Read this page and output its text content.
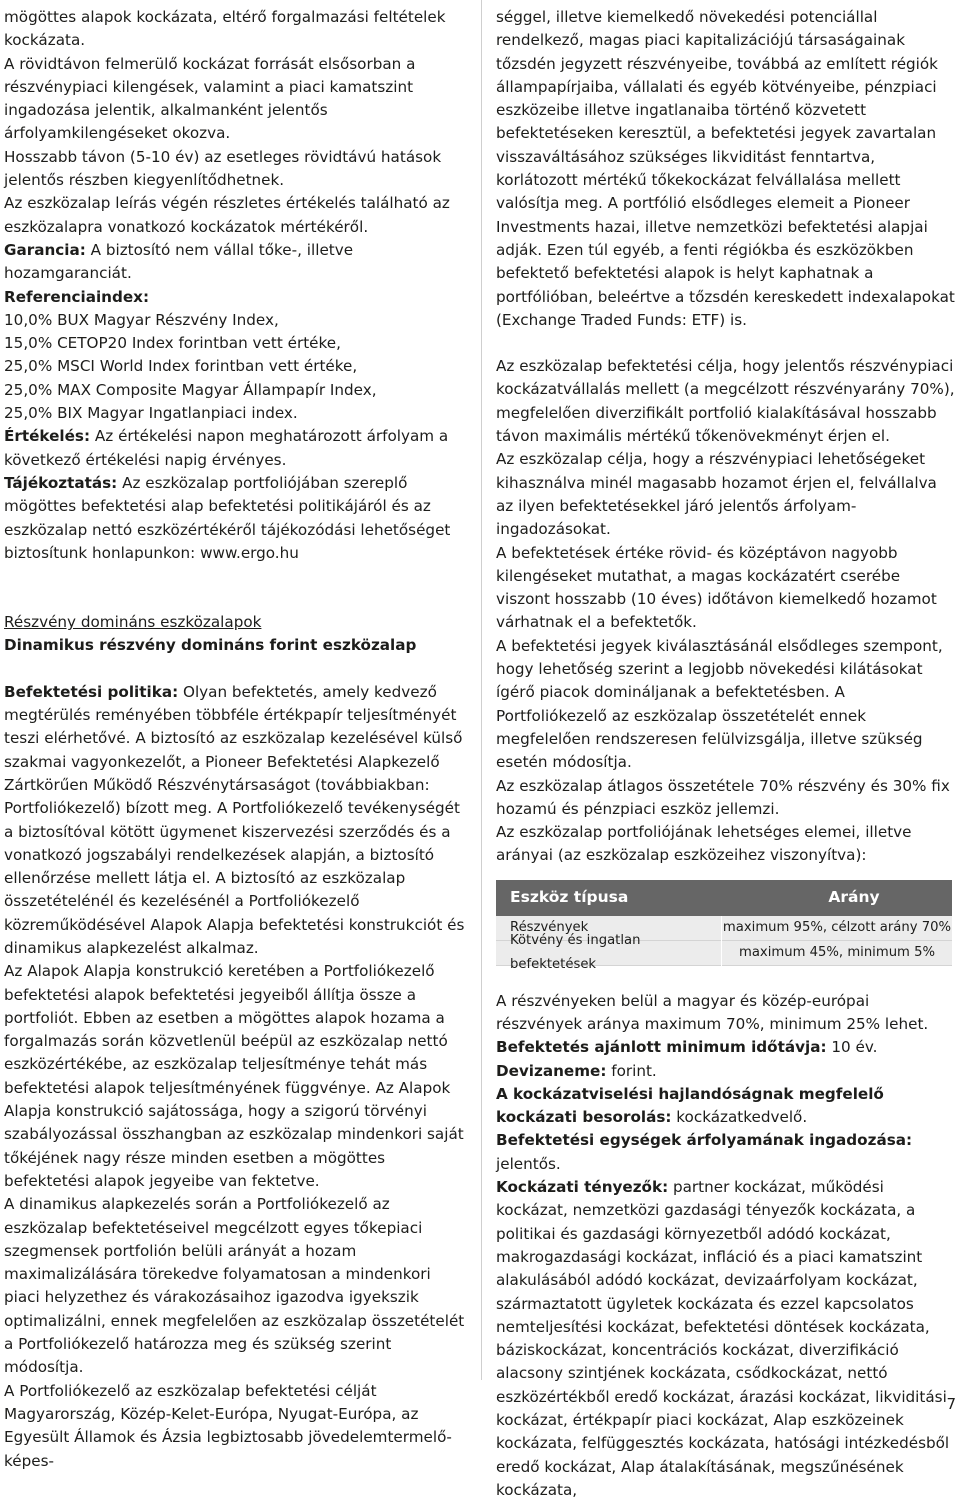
mögöttes alapok kockázata, eltérő forgalmazási feltételek kockázata.

A rövidtávon felmerülő kockázat forrását elsősorban a részvénypiaci kilengések, valamint a piaci kamatszint ingadozása jelentik, alkalmanként jelentős árfolyamkilengéseket okozva.

Hosszabb távon (5-10 év) az esetleges rövidtávú hatások jelentős részben kiegyenlítődhetnek.

Az eszközalap leírás végén részletes értékelés található az eszközalapra vonatkozó kockázatok mértékéről.

Garancia: A biztosító nem vállal tőke-, illetve hozamgaranciát.

Referenciaindex:

10,0% BUX Magyar Részvény Index,

15,0% CETOP20 Index forintban vett értéke,

25,0% MSCI World Index forintban vett értéke,

25,0% MAX Composite Magyar Állampapír Index,

25,0% BIX Magyar Ingatlanpiaci index.

Értékelés: Az értékelési napon meghatározott árfolyam a következő értékelési napig érvényes.

Tájékoztatás: Az eszközalap portfoliójában szereplő mögöttes befektetési alap befektetési politikájáról és az eszközalap nettó eszközértékéről tájékozódási lehetőséget biztosítunk honlapunkon: www.ergo.hu

Részvény domináns eszközalapok

Dinamikus részvény domináns forint eszközalap

Befektetési politika: Olyan befektetés, amely kedvező megtérülés reményében többféle értékpapír teljesítményét teszi elérhetővé. A biztosító az eszközalap kezelésével külső szakmai vagyonkezelőt, a Pioneer Befektetési Alapkezelő Zártkörűen Működő Részvénytársaságot (továbbiakban: Portfoliókezelő) bízott meg. A Portfoliókezelő tevékenységét a biztosítóval kötött ügymenet kiszervezési szerződés és a vonatkozó jogszabályi rendelkezések alapján, a biztosító ellenőrzése mellett látja el. A biztosító az eszközalap összetételénél és kezelésénél a Portfoliókezelő közreműködésével Alapok Alapja befektetési konstrukciót és dinamikus alapkezelést alkalmaz.

Az Alapok Alapja konstrukció keretében a Portfoliókezelő befektetési alapok befektetési jegyeiből állítja össze a portfoliót. Ebben az esetben a mögöttes alapok hozama a forgalmazás során közvetlenül beépül az eszközalap nettó eszközértékébe, az eszközalap teljesítménye tehát más befektetési alapok teljesítményének függvénye. Az Alapok Alapja konstrukció sajátossága, hogy a szigorú törvényi szabályozással összhangban az eszközalap mindenkori saját tőkéjének nagy része minden esetben a mögöttes befektetési alapok jegyeibe van fektetve.

A dinamikus alapkezelés során a Portfoliókezelő az eszközalap befektetéseivel megcélzott egyes tőkepiaci szegmensek portfolión belüli arányát a hozam maximalizálására törekedve folyamatosan a mindenkori piaci helyzethez és várakozásaihoz igazodva igyekszik optimalizálni, ennek megfelelően az eszközalap összetételét a Portfoliókezelő határozza meg és szükség szerint módosítja.

A Portfoliókezelő az eszközalap befektetési célját Magyarország, Közép-Kelet-Európa, Nyugat-Európa, az Egyesült Államok és Ázsia legbiztosabb jövedelemtermelő-képes-

séggel, illetve kiemelkedő növekedési potenciállal rendelkező, magas piaci kapitalizációjú társaságainak tőzsdén jegyzett részvényeibe, továbbá az említett régiók állampapírjaiba, vállalati és egyéb kötvényeibe, pénzpiaci eszközeibe illetve ingatlanaiba történő közvetett befektetéseken keresztül, a befektetési jegyek zavartalan visszaváltásához szükséges likviditást fenntartva, korlátozott mértékű tőkekockázat felvállalása mellett valósítja meg. A portfólió elsődleges elemeit a Pioneer Investments hazai, illetve nemzetközi befektetési alapjai adják. Ezen túl egyéb, a fenti régiókba és eszközökben befektető befektetési alapok is helyt kaphatnak a portfólióban, beleértve a tőzsdén kereskedett indexalapokat (Exchange Traded Funds: ETF) is.

Az eszközalap befektetési célja, hogy jelentős részvénypiaci kockázatvállalás mellett (a megcélzott részvényarány 70%), megfelelően diverzifikált portfolió kialakításával hosszabb távon maximális mértékű tőkenövekményt érjen el.

Az eszközalap célja, hogy a részvénypiaci lehetőségeket kihasználva minél magasabb hozamot érjen el, felvállalva az ilyen befektetésekkel járó jelentős árfolyam-ingadozásokat.

A befektetések értéke rövid- és középtávon nagyobb kilengéseket mutathat, a magas kockázatért cserébe viszont hosszabb (10 éves) időtávon kiemelkedő hozamot várhatnak el a befektetők.

A befektetési jegyek kiválasztásánál elsődleges szempont, hogy lehetőség szerint a legjobb növekedési kilátásokat ígérő piacok domináljanak a befektetésben. A Portfoliókezelő az eszközalap összetételét ennek megfelelően rendszeresen felülvizsgálja, illetve szükség esetén módosítja.

Az eszközalap átlagos összetétele 70% részvény és 30% fix hozamú és pénzpiaci eszköz jellemzi.

Az eszközalap portfoliójának lehetséges elemei, illetve arányai (az eszközalap eszközeihez viszonyítva):

Eszköz típusa	Arány
Részvények	maximum 95%, célzott arány 70%
Kötvény és ingatlan befektetések
maximum 45%, minimum 5%

A részvényeken belül a magyar és közép-európai részvények aránya maximum 70%, minimum 25% lehet.

Befektetés ajánlott minimum időtávja: 10 év.

Devizaneme: forint.

A kockázatviselési hajlandóságnak megfelelő kockázati besorolás: kockázatkedvelő.

Befektetési egységek árfolyamának ingadozása: jelentős.

Kockázati tényezők: partner kockázat, működési kockázat, nemzetközi gazdasági tényezők kockázata, a politikai és gazdasági környezetből adódó kockázat, makrogazdasági kockázat, infláció és a piaci kamatszint alakulásából adódó kockázat, devizaárfolyam kockázat, származtatott ügyletek kockázata és ezzel kapcsolatos nemteljesítési kockázat, befektetési döntések kockázata, báziskockázat, koncentrációs kockázat, diverzifikáció alacsony szintjének kockázata, csődkockázat, nettó eszközértékből eredő kockázat, árazási kockázat, likviditási kockázat, értékpapír piaci kockázat, Alap eszközeinek kockázata, felfüggesztés kockázata, hatósági intézkedésből eredő kockázat, Alap átalakításának, megszűnésének kockázata,

7
